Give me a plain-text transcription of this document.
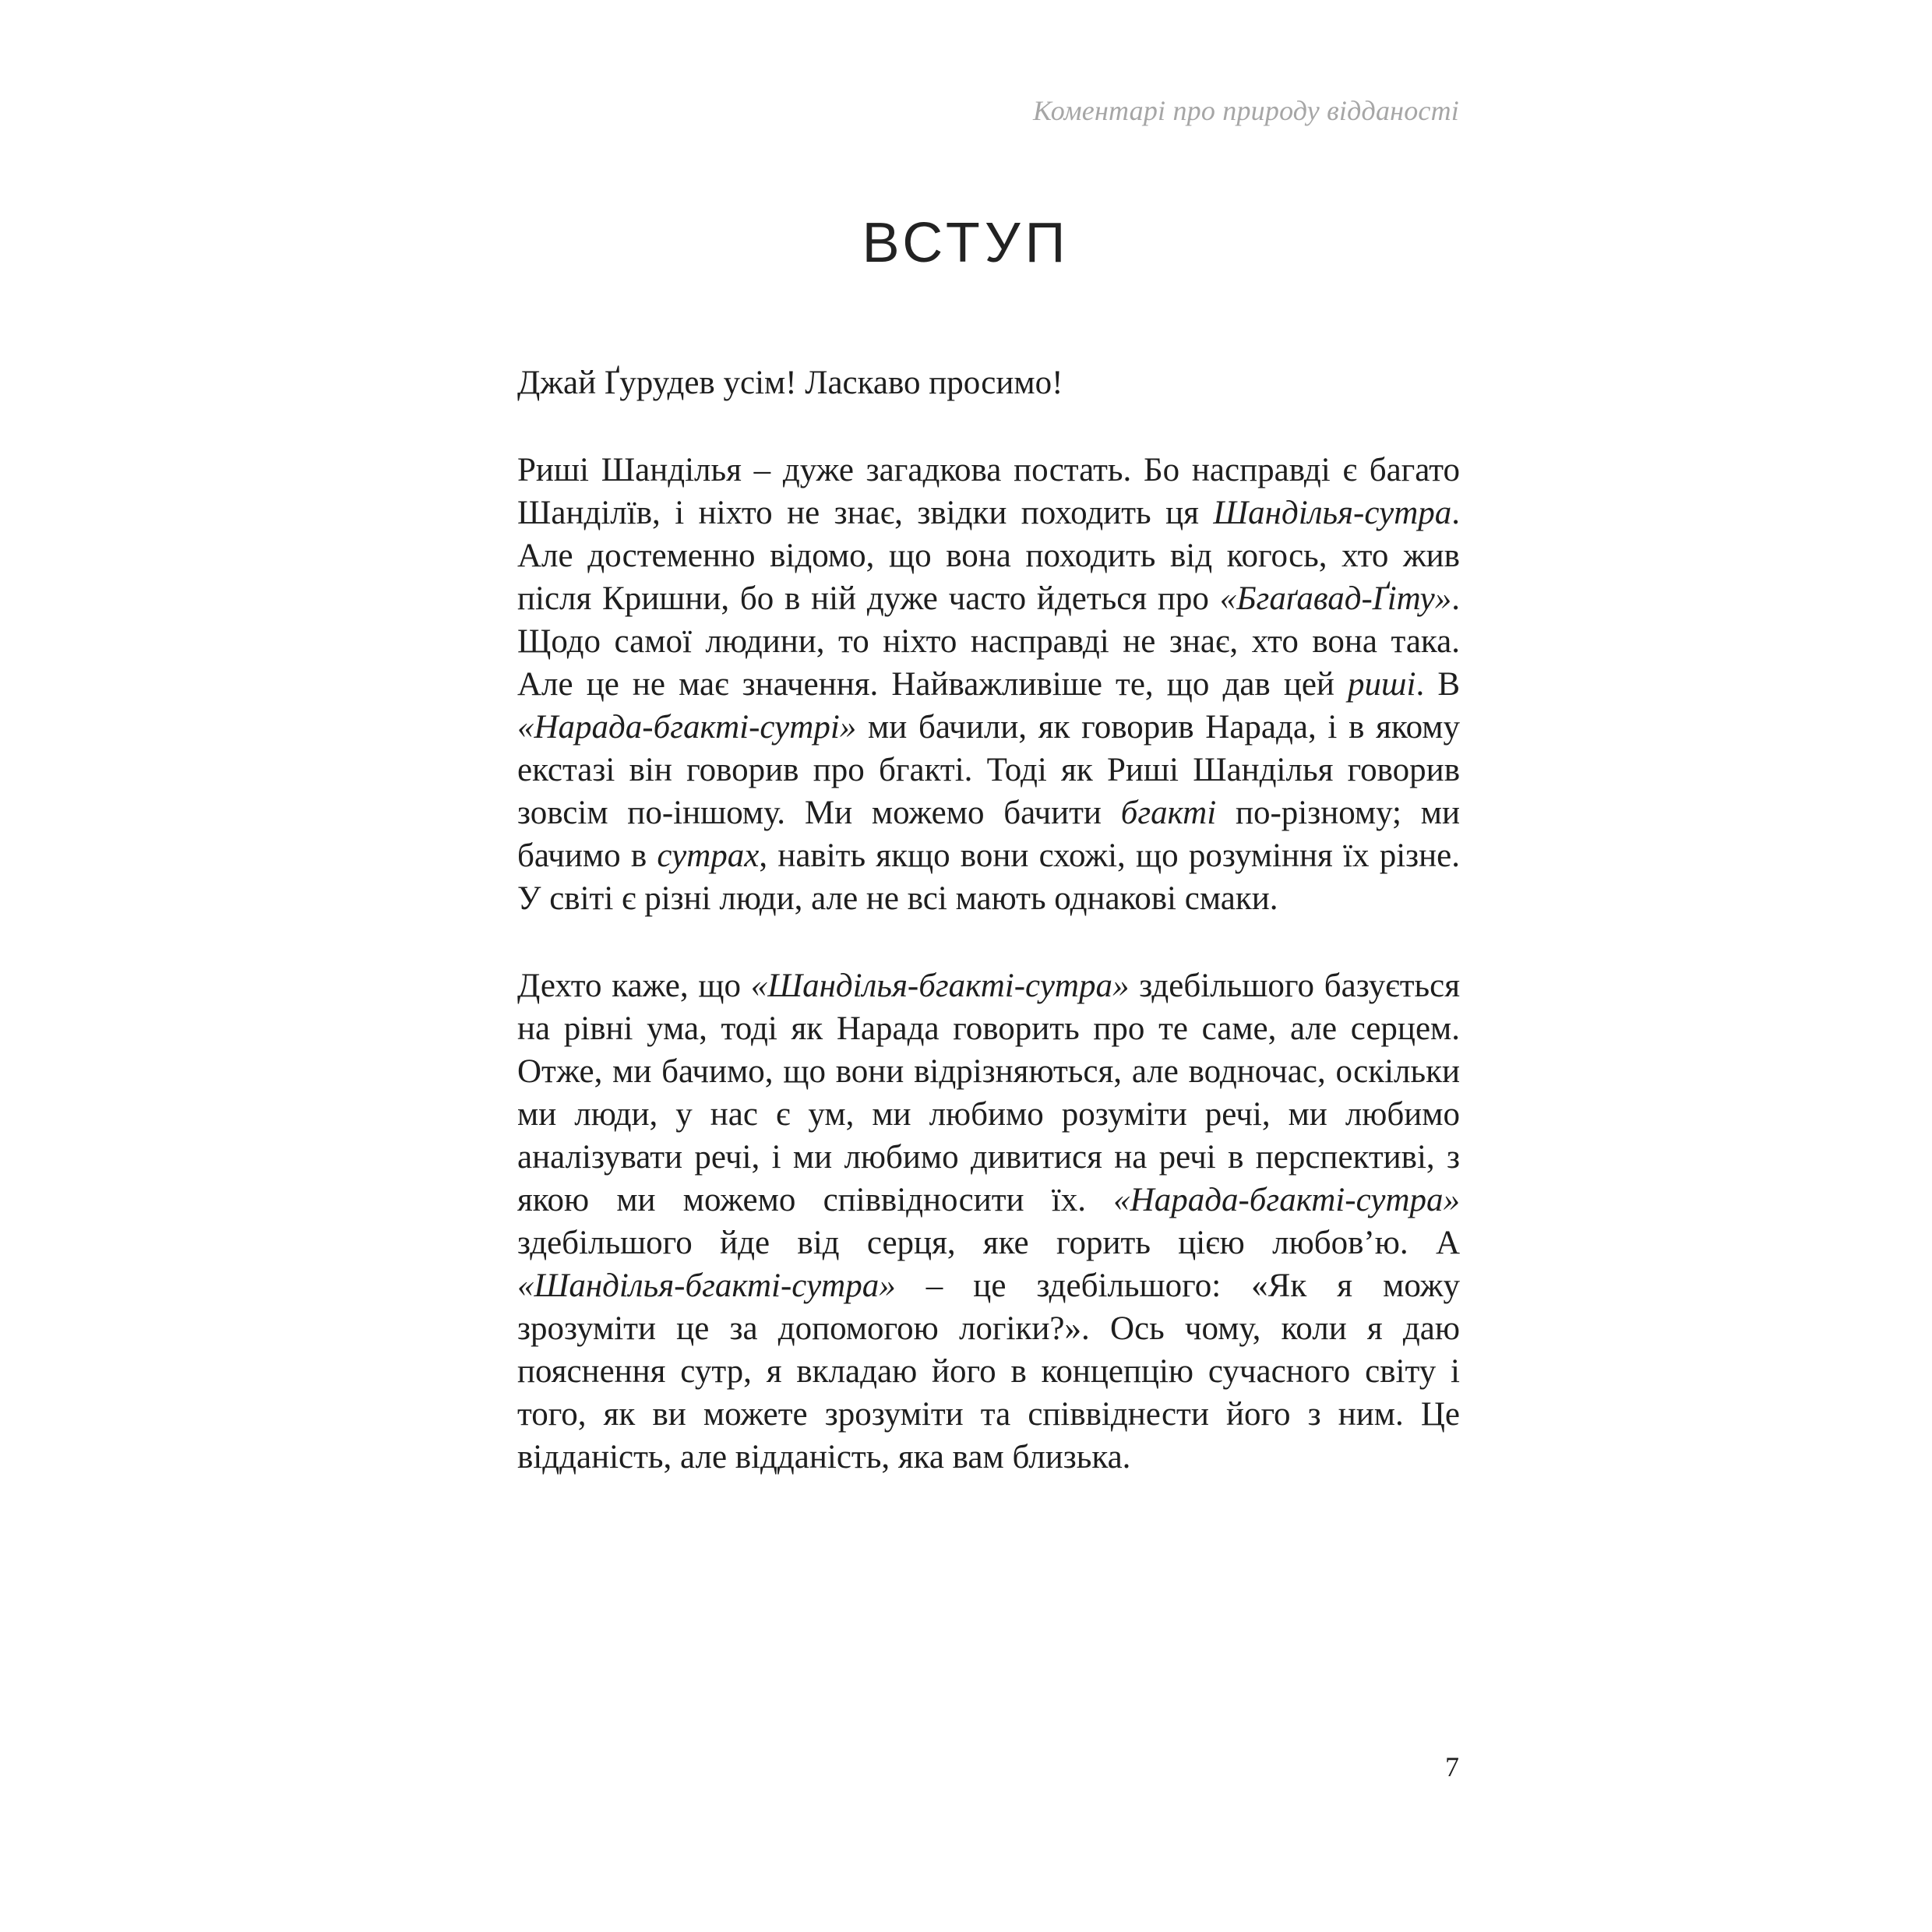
Коментарі про природу відданості
ВСТУП

Джай Ґурудев усім! Ласкаво просимо!

Риші Шанділья – дуже загадкова постать. Бо насправді є багато Шанділїв, і ніхто не знає, звідки походить ця Шанділья-сутра. Але достеменно відомо, що вона походить від когось, хто жив після Кришни, бо в ній дуже часто йдеться про «Бгаґавад-Ґіту». Щодо самої людини, то ніхто насправді не знає, хто вона така. Але це не має значення. Найважливіше те, що дав цей риші. В «Нарада-бгакті-сутрі» ми бачили, як говорив Нарада, і в якому екстазі він говорив про бгакті. Тоді як Риші Шанділья говорив зовсім по-іншому. Ми можемо бачити бгакті по-різному; ми бачимо в сутрах, навіть якщо вони схожі, що розуміння їх різне. У світі є різні люди, але не всі мають однакові смаки.

Дехто каже, що «Шанділья-бгакті-сутра» здебільшого базується на рівні ума, тоді як Нарада говорить про те саме, але серцем. Отже, ми бачимо, що вони відрізняються, але водночас, оскільки ми люди, у нас є ум, ми любимо розуміти речі, ми любимо аналізувати речі, і ми любимо дивитися на речі в перспективі, з якою ми можемо співвідносити їх. «Нарада-бгакті-сутра» здебільшого йде від серця, яке горить цією любов’ю. А «Шанділья-бгакті-сутра» – це здебільшого: «Як я можу зрозуміти це за допомогою логіки?». Ось чому, коли я даю пояснення сутр, я вкладаю його в концепцію сучасного світу і того, як ви можете зрозуміти та співвіднести його з ним. Це відданість, але відданість, яка вам близька.

7
